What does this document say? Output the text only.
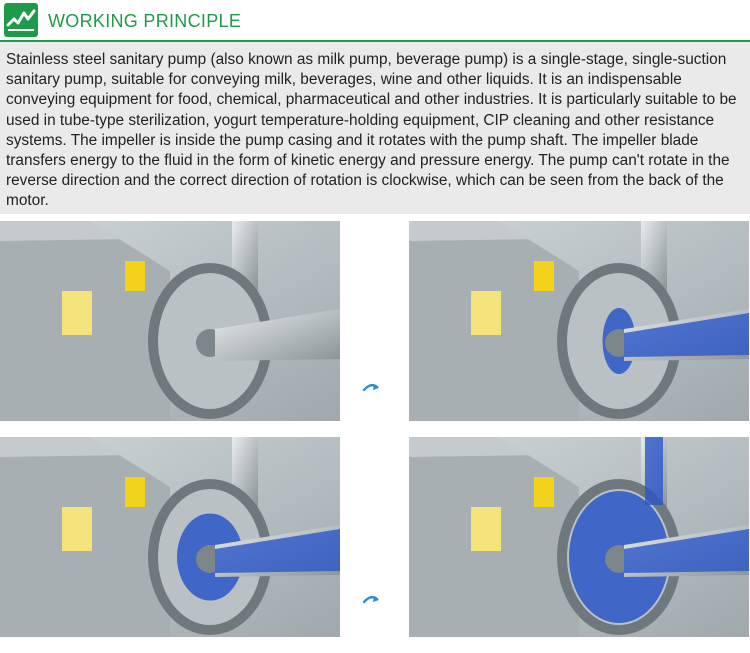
WORKING PRINCIPLE

Stainless steel sanitary pump (also known as milk pump, beverage pump) is a single-stage, single-suction sanitary pump, suitable for conveying milk, beverages, wine and other liquids. It is an indispensable conveying equipment for food, chemical, pharmaceutical and other industries. It is particularly suitable to be used in tube-type sterilization, yogurt temperature-holding equipment, CIP cleaning and other resistance systems. The impeller is inside the pump casing and it rotates with the pump shaft. The impeller blade transfers energy to the fluid in the form of kinetic energy and pressure energy. The pump can't rotate in the reverse direction and the correct direction of rotation is clockwise, which can be seen from the back of the motor.
